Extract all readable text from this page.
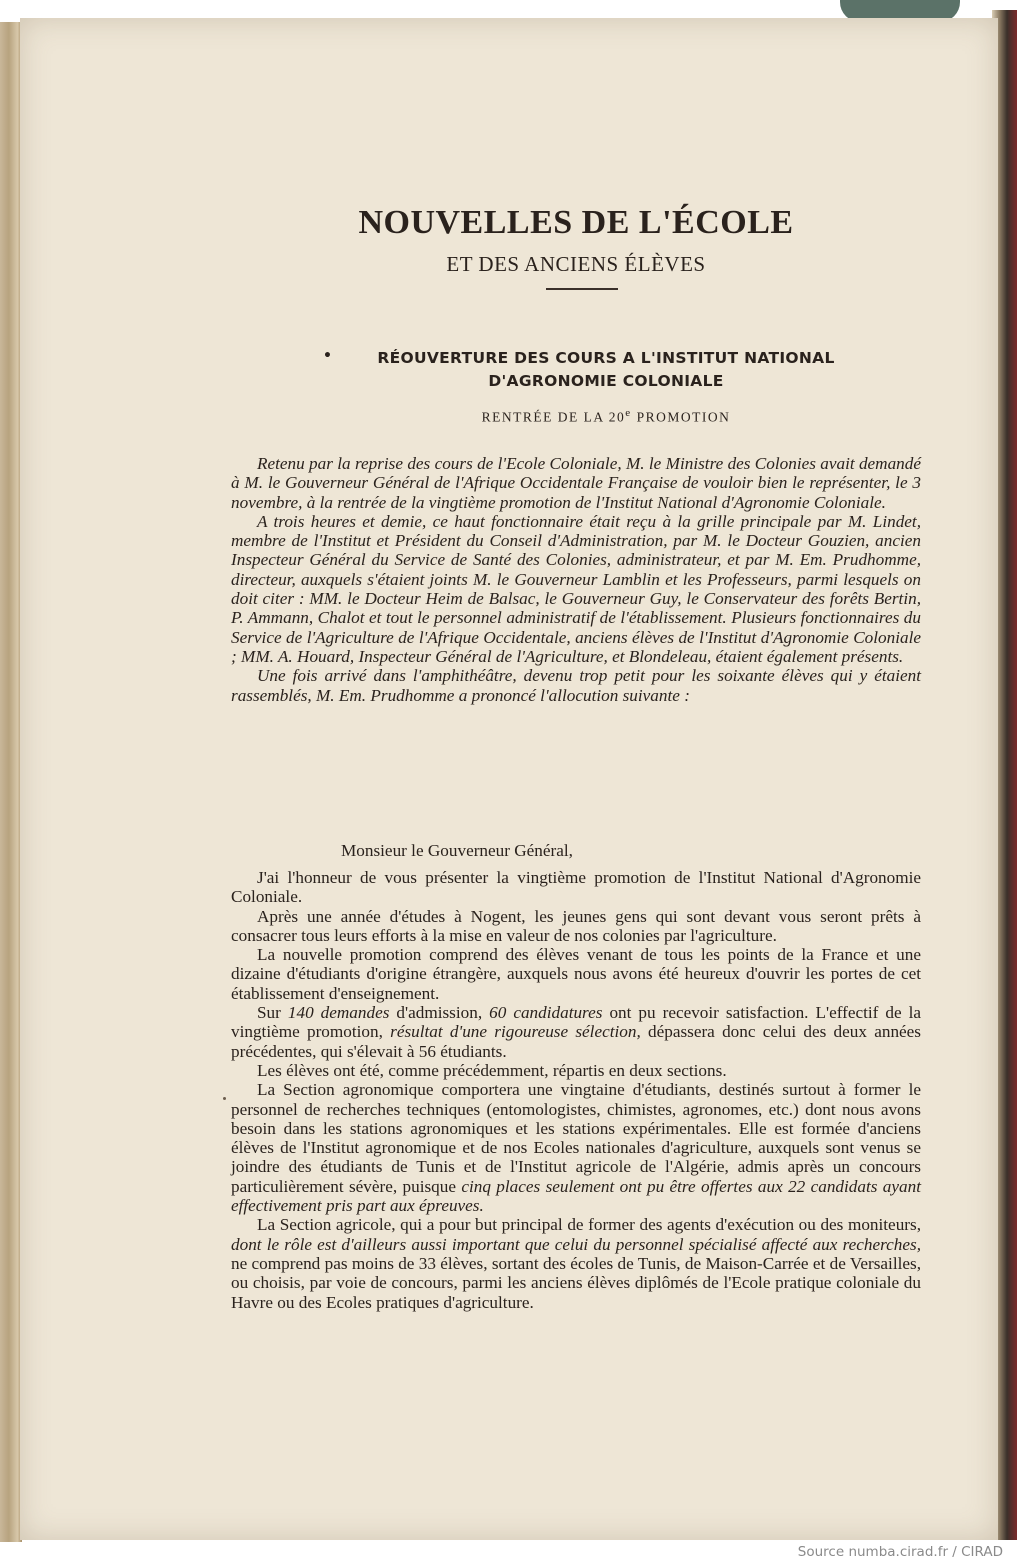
NOUVELLES DE L'ÉCOLE
ET DES ANCIENS ÉLÈVES
•	RÉOUVERTURE DES COURS A L'INSTITUT NATIONAL
D'AGRONOMIE COLONIALE
RENTRÉE DE LA 20e PROMOTION

Retenu par la reprise des cours de l'Ecole Coloniale, M. le Ministre des Colonies avait demandé à M. le Gouverneur Général de l'Afrique Occidentale Française de vouloir bien le représenter, le 3 novembre, à la rentrée de la vingtième promotion de l'Institut National d'Agronomie Coloniale.

A trois heures et demie, ce haut fonctionnaire était reçu à la grille principale par M. Lindet, membre de l'Institut et Président du Conseil d'Administration, par M. le Docteur Gouzien, ancien Inspecteur Général du Service de Santé des Colonies, administrateur, et par M. Em. Prudhomme, directeur, auxquels s'étaient joints M. le Gouverneur Lamblin et les Professeurs, parmi lesquels on doit citer : MM. le Docteur Heim de Balsac, le Gouverneur Guy, le Conservateur des forêts Bertin, P. Ammann, Chalot et tout le personnel administratif de l'établissement. Plusieurs fonctionnaires du Service de l'Agriculture de l'Afrique Occidentale, anciens élèves de l'Institut d'Agronomie Coloniale ; MM. A. Houard, Inspecteur Général de l'Agriculture, et Blondeleau, étaient également présents.

Une fois arrivé dans l'amphithéâtre, devenu trop petit pour les soixante élèves qui y étaient rassemblés, M. Em. Prudhomme a prononcé l'allocution suivante :

Monsieur le Gouverneur Général,

J'ai l'honneur de vous présenter la vingtième promotion de l'Institut National d'Agronomie Coloniale.

Après une année d'études à Nogent, les jeunes gens qui sont devant vous seront prêts à consacrer tous leurs efforts à la mise en valeur de nos colonies par l'agriculture.

La nouvelle promotion comprend des élèves venant de tous les points de la France et une dizaine d'étudiants d'origine étrangère, auxquels nous avons été heureux d'ouvrir les portes de cet établissement d'enseignement.

Sur 140 demandes d'admission, 60 candidatures ont pu recevoir satisfaction. L'effectif de la vingtième promotion, résultat d'une rigoureuse sélection, dépassera donc celui des deux années précédentes, qui s'élevait à 56 étudiants.

Les élèves ont été, comme précédemment, répartis en deux sections.

La Section agronomique comportera une vingtaine d'étudiants, destinés surtout à former le personnel de recherches techniques (entomologistes, chimistes, agronomes, etc.) dont nous avons besoin dans les stations agronomiques et les stations expérimentales. Elle est formée d'anciens élèves de l'Institut agronomique et de nos Ecoles nationales d'agriculture, auxquels sont venus se joindre des étudiants de Tunis et de l'Institut agricole de l'Algérie, admis après un concours particulièrement sévère, puisque cinq places seulement ont pu être offertes aux 22 candidats ayant effectivement pris part aux épreuves.

La Section agricole, qui a pour but principal de former des agents d'exécution ou des moniteurs, dont le rôle est d'ailleurs aussi important que celui du personnel spécialisé affecté aux recherches, ne comprend pas moins de 33 élèves, sortant des écoles de Tunis, de Maison-Carrée et de Versailles, ou choisis, par voie de concours, parmi les anciens élèves diplômés de l'Ecole pratique coloniale du Havre ou des Ecoles pratiques d'agriculture.

Source numba.cirad.fr / CIRAD
